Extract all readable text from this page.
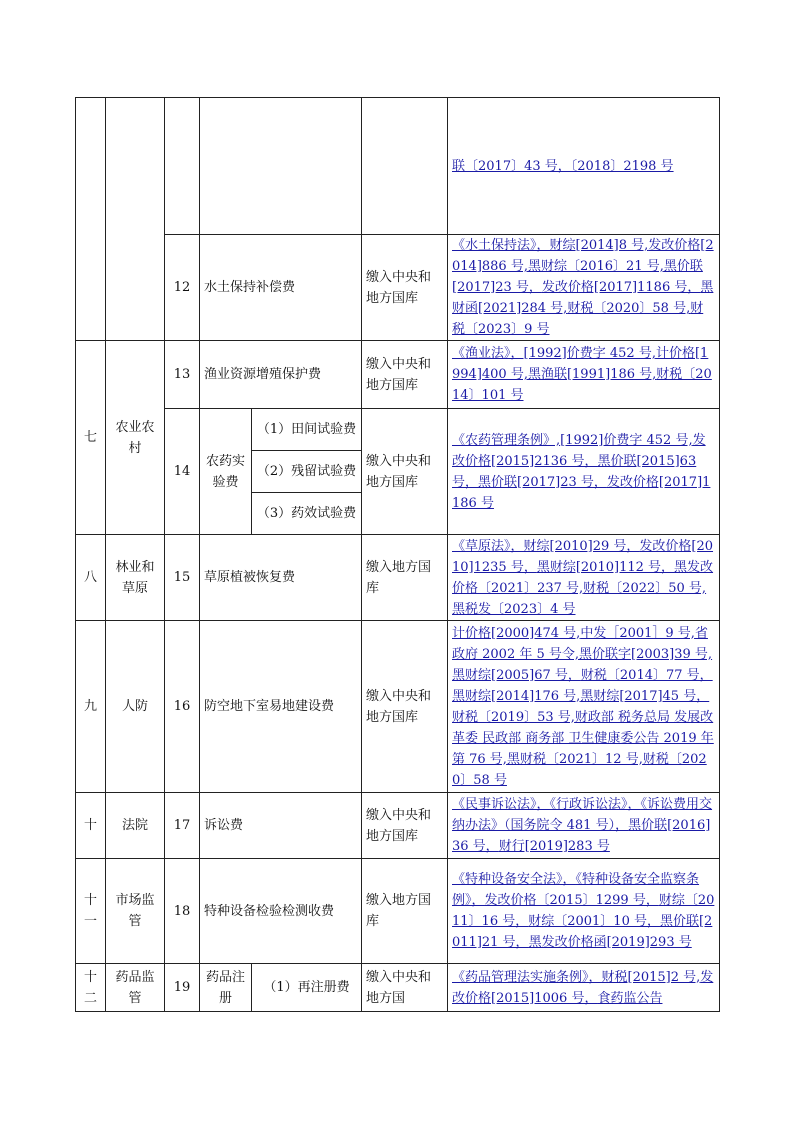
						联〔2017〕43 号，〔2018〕2198 号
		12	水土保持补偿费		缴入中央和地方国库	《水土保持法》，财综[2014]8 号,发改价格[2014]886 号,黑财综〔2016〕21 号,黑价联[2017]23 号，发改价格[2017]1186 号，黑财函[2021]284 号,财税〔2020〕58 号,财税〔2023〕9 号
七	农业农村	13	渔业资源增殖保护费		缴入中央和地方国库	《渔业法》，[1992]价费字 452 号,计价格[1994]400 号,黑渔联[1991]186 号,财税〔2014〕101 号
		14	农药实验费	（1）田间试验费	缴入中央和地方国库	《农药管理条例》,[1992]价费字 452 号,发改价格[2015]2136 号，黑价联[2015]63 号，黑价联[2017]23 号，发改价格[2017]1186 号
				（2）残留试验费		
				（3）药效试验费		
八	林业和草原	15	草原植被恢复费		缴入地方国库	《草原法》，财综[2010]29 号，发改价格[2010]1235 号，黑财综[2010]112 号，黑发改价格〔2021〕237 号,财税〔2022〕50 号,黑税发〔2023〕4 号
九	人防	16	防空地下室易地建设费		缴入中央和地方国库	计价格[2000]474 号,中发［2001］9 号,省政府 2002 年 5 号令,黑价联字[2003]39 号,黑财综[2005]67 号，财税〔2014〕77 号，黑财综[2014]176 号,黑财综[2017]45 号，财税〔2019〕53 号,财政部 税务总局 发展改革委 民政部 商务部 卫生健康委公告 2019 年第 76 号,黑财税〔2021〕12 号,财税〔2020〕58 号
十	法院	17	诉讼费		缴入中央和地方国库	《民事诉讼法》，《行政诉讼法》，《诉讼费用交纳办法》（国务院令 481 号），黑价联[2016]36 号，财行[2019]283 号
十一	市场监管	18	特种设备检验检测收费		缴入地方国库	《特种设备安全法》，《特种设备安全监察条例》，发改价格〔2015〕1299 号，财综〔2011〕16 号，财综〔2001〕10 号，黑价联[2011]21 号，黑发改价格函[2019]293 号
十二	药品监管	19	药品注册	（1）再注册费	缴入中央和地方国	《药品管理法实施条例》，财税[2015]2 号,发改价格[2015]1006 号，食药监公告
